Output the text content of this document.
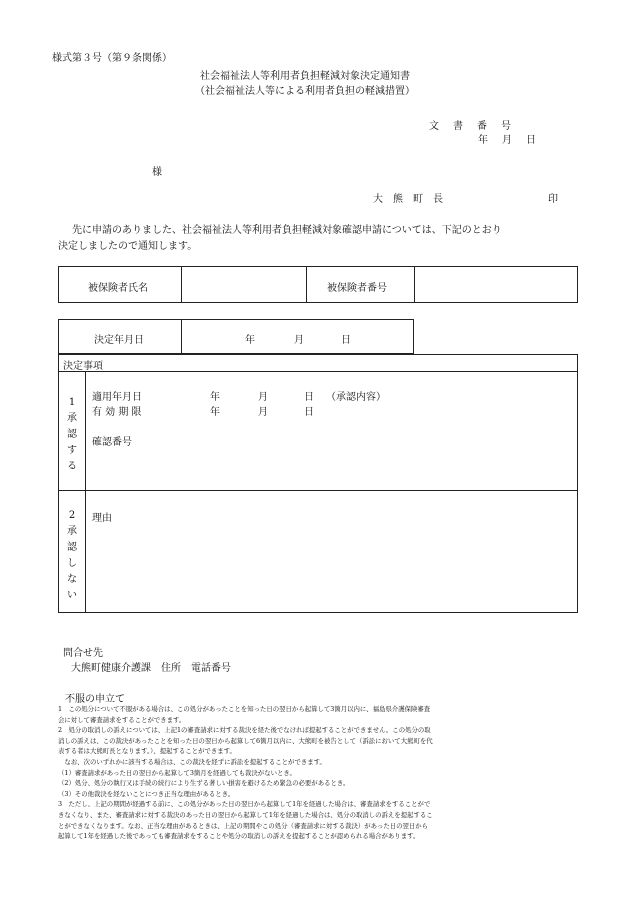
様式第３号（第９条関係）
社会福祉法人等利用者負担軽減対象決定通知書
（社会福祉法人等による利用者負担の軽減措置）
文　書　番　号
年　月　日
様
大　熊　町　長	印
先に申請のありました、社会福祉法人等利用者負担軽減対象確認申請については、下記のとおり
決定しましたので通知します。
被保険者氏名	被保険者番号
決定年月日	年	月	日
決定事項
1
承
認
す
る
適用年月日	年	月	日 （承認内容）
有 効 期 限	年	月	日
確認番号
2
承
認
し
な
い
理由
問合せ先
大熊町健康介護課　住所　電話番号
不服の申立て

1　この処分について不服がある場合は、この処分があったことを知った日の翌日から起算して3箇月以内に、福島県介護保険審査

会に対して審査請求をすることができます。

2　処分の取消しの訴えについては、上記1の審査請求に対する裁決を経た後でなければ提起することができません。この処分の取

消しの訴えは、この裁決があったことを知った日の翌日から起算して6箇月以内に、大熊町を被告として（訴訟において大熊町を代

表する者は大熊町長となります。）、提起することができます。

　なお、次のいずれかに該当する場合は、この裁決を経ずに訴訟を提起することができます。

（1）審査請求があった日の翌日から起算して3箇月を経過しても裁決がないとき。

（2）処分、処分の執行又は手続の続行により生ずる著しい損害を避けるため緊急の必要があるとき。

（3）その他裁決を経ないことにつき正当な理由があるとき。

3　ただし、上記の期間が経過する前に、この処分があった日の翌日から起算して1年を経過した場合は、審査請求をすることがで

きなくなり、また、審査請求に対する裁決のあった日の翌日から起算して1年を経過した場合は、処分の取消しの訴えを提起するこ

とができなくなります。なお、正当な理由があるときは、上記の期間やこの処分（審査請求に対する裁決）があった日の翌日から

起算して1年を経過した後であっても審査請求をすることや処分の取消しの訴えを提起することが認められる場合があります。
